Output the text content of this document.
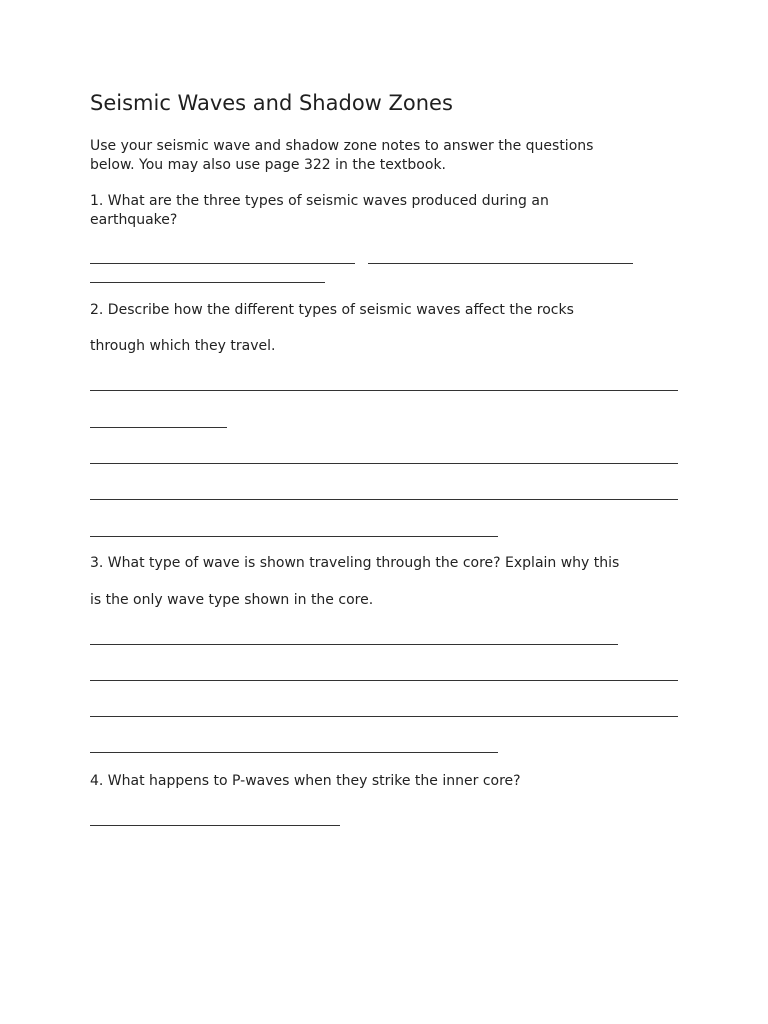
Seismic Waves and Shadow Zones

Use your seismic wave and shadow zone notes to answer the questions

below. You may also use page 322 in the textbook.

1. What are the three types of seismic waves produced during an

earthquake?

2. Describe how the different types of seismic waves affect the rocks

through which they travel.

3. What type of wave is shown traveling through the core? Explain why this

is the only wave type shown in the core.

4. What happens to P-waves when they strike the inner core?
